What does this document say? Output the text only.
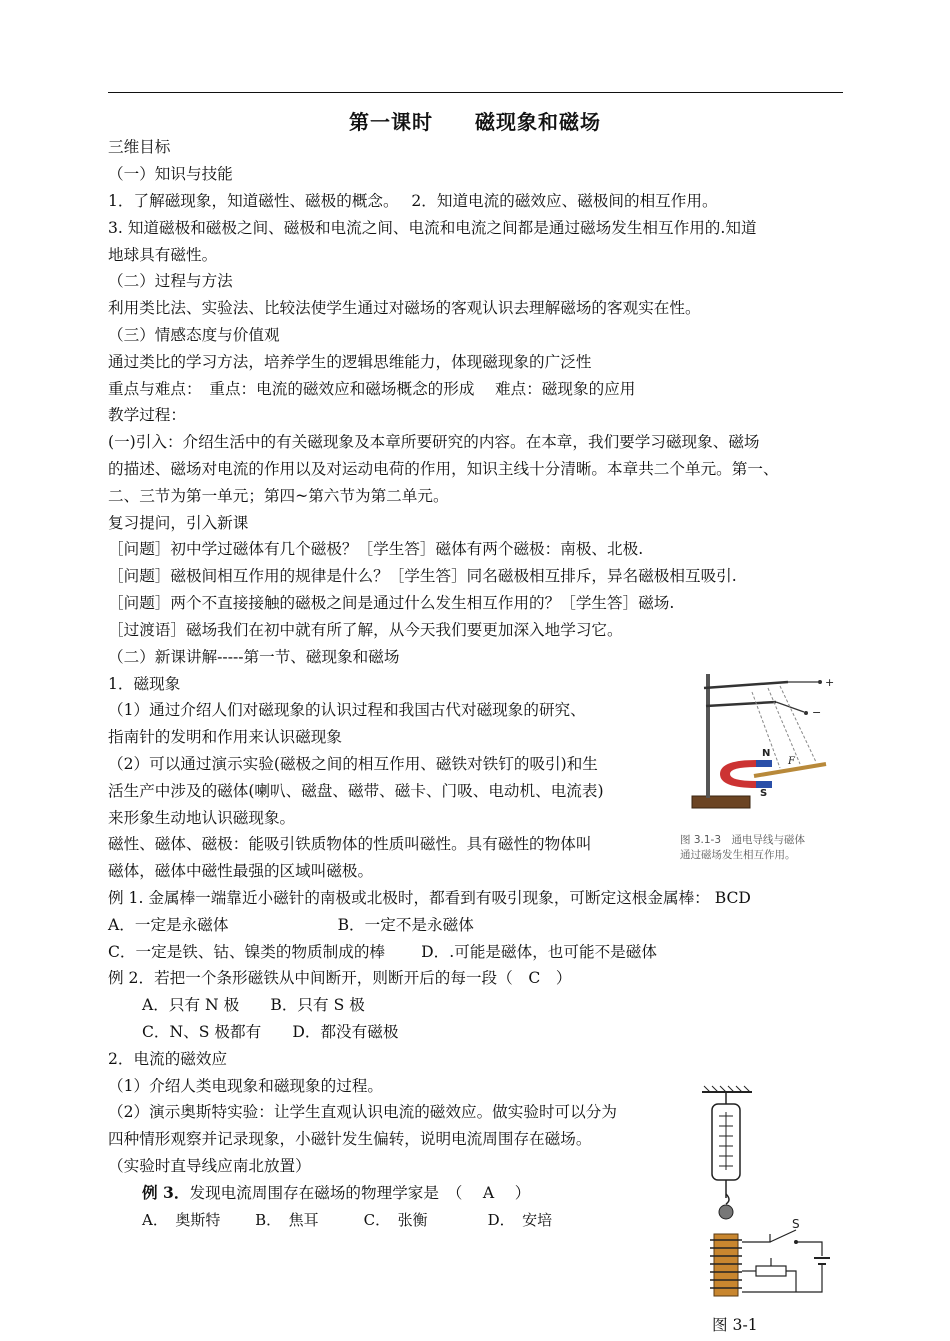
第一课时　　磁现象和磁场
三维目标
（一）知识与技能
1．了解磁现象，知道磁性、磁极的概念。　 2．知道电流的磁效应、磁极间的相互作用。
3. 知道磁极和磁极之间、磁极和电流之间、电流和电流之间都是通过磁场发生相互作用的.知道
地球具有磁性。
（二）过程与方法
利用类比法、实验法、比较法使学生通过对磁场的客观认识去理解磁场的客观实在性。
（三）情感态度与价值观
通过类比的学习方法，培养学生的逻辑思维能力，体现磁现象的广泛性
重点与难点：　重点：电流的磁效应和磁场概念的形成　 难点：磁现象的应用
教学过程：
(一)引入：介绍生活中的有关磁现象及本章所要研究的内容。在本章，我们要学习磁现象、磁场
的描述、磁场对电流的作用以及对运动电荷的作用，知识主线十分清晰。本章共二个单元。第一、
二、三节为第一单元；第四~第六节为第二单元。
复习提问，引入新课
［问题］初中学过磁体有几个磁极？［学生答］磁体有两个磁极：南极、北极.
［问题］磁极间相互作用的规律是什么？［学生答］同名磁极相互排斥，异名磁极相互吸引.
［问题］两个不直接接触的磁极之间是通过什么发生相互作用的？［学生答］磁场.
［过渡语］磁场我们在初中就有所了解，从今天我们要更加深入地学习它。
（二）新课讲解-----第一节、磁现象和磁场
1．磁现象
（1）通过介绍人们对磁现象的认识过程和我国古代对磁现象的研究、
指南针的发明和作用来认识磁现象
（2）可以通过演示实验(磁极之间的相互作用、磁铁对铁钉的吸引)和生
活生产中涉及的磁体(喇叭、磁盘、磁带、磁卡、门吸、电动机、电流表)
来形象生动地认识磁现象。
磁性、磁体、磁极：能吸引铁质物体的性质叫磁性。具有磁性的物体叫
磁体，磁体中磁性最强的区域叫磁极。
例 1. 金属棒一端靠近小磁针的南极或北极时，都看到有吸引现象，可断定这根金属棒： BCD
A．一定是永磁体　　　　　　　B．一定不是永磁体
C．一定是铁、钴、镍类的物质制成的棒　　 D．.可能是磁体，也可能不是磁体
例 2．若把一个条形磁铁从中间断开，则断开后的每一段（　C　）
A．只有 N 极　　B．只有 S 极
C．N、S 极都有　　D．都没有磁极
2．电流的磁效应
（1）介绍人类电现象和磁现象的过程。
（2）演示奥斯特实验：让学生直观认识电流的磁效应。做实验时可以分为
四种情形观察并记录现象，小磁针发生偏转，说明电流周围存在磁场。
（实验时直导线应南北放置）
例 3．发现电流周围存在磁场的物理学家是　（　 A　 ）
A．　奥斯特　　 B．　焦耳　　　C．　张衡　　　　D．　安培
+
−
N
S
F
图 3.1-3　通电导线与磁体
通过磁场发生相互作用。
S
图 3-1
